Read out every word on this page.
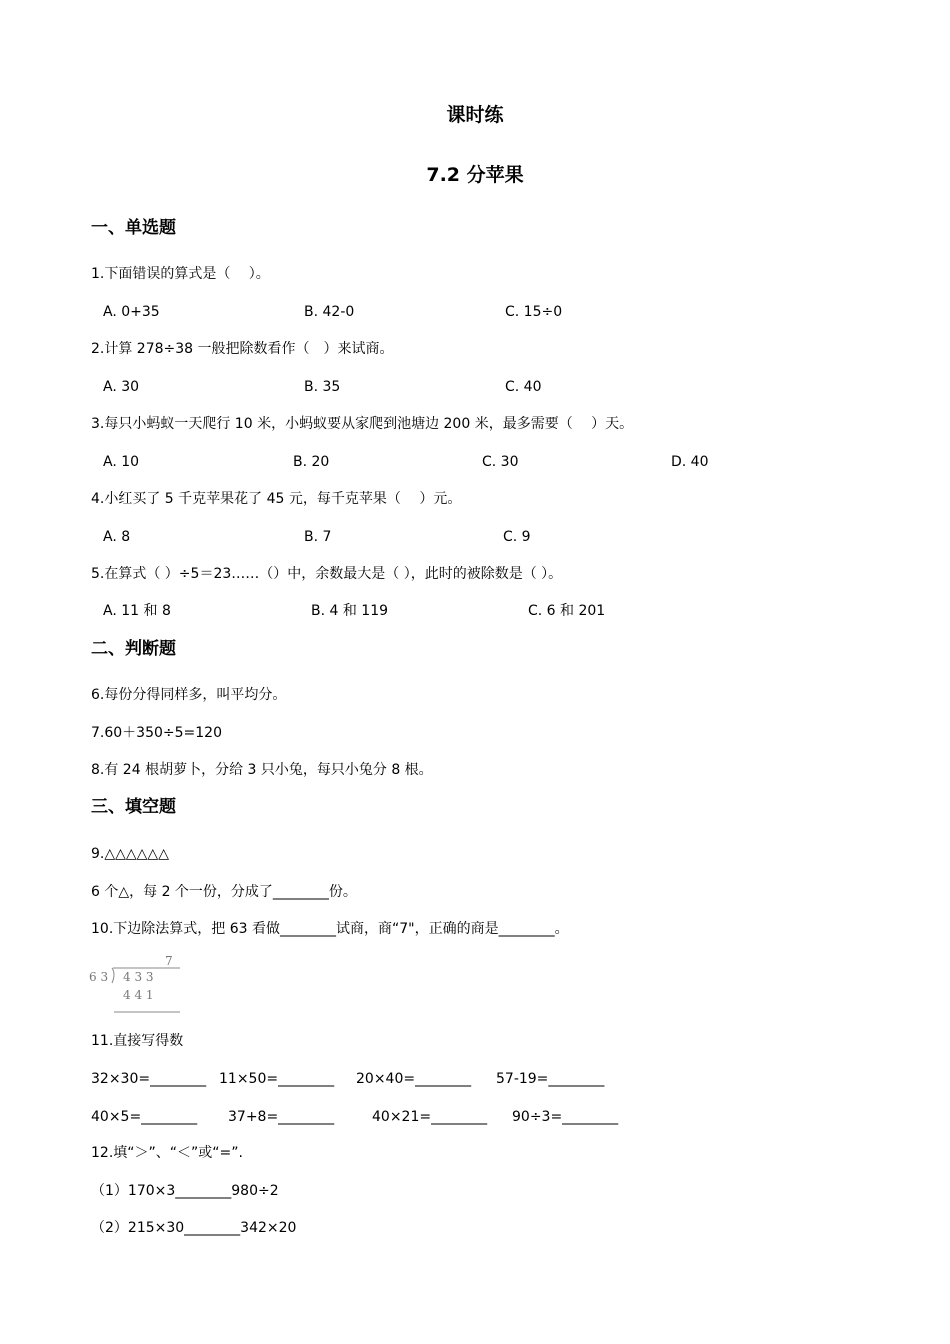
课时练
7.2 分苹果
一、单选题
1.下面错误的算式是（　 ）。
A. 0+35	B. 42-0	C. 15÷0
2.计算 278÷38 一般把除数看作（　）来试商。
A. 30	B. 35	C. 40
3.每只小蚂蚁一天爬行 10 米，小蚂蚁要从家爬到池塘边 200 米，最多需要（　 ）天。
A. 10	B. 20	C. 30	D. 40
4.小红买了 5 千克苹果花了 45 元，每千克苹果（　 ）元。
A. 8	B. 7	C. 9
5.在算式（ ）÷5＝23……（）中，余数最大是（ ），此时的被除数是（ ）。
A. 11 和 8	B. 4 和 119	C. 6 和 201
二、判断题
6.每份分得同样多，叫平均分。
7.60＋350÷5=120
8.有 24 根胡萝卜，分给 3 只小兔，每只小兔分 8 根。
三、填空题
9.△△△△△△
6 个△，每 2 个一份，分成了________份。
10.下边除法算式，把 63 看做________试商，商“7"，正确的商是________。
7
6 3 4 3 3
4 4 1
11.直接写得数
32×30=________ 11×50=________ 20×40=________ 57-19=________
40×5=________ 37+8=________	40×21=________ 90÷3=________
12.填“＞”、“＜”或“=”.
（1）170×3________980÷2
（2）215×30________342×20
